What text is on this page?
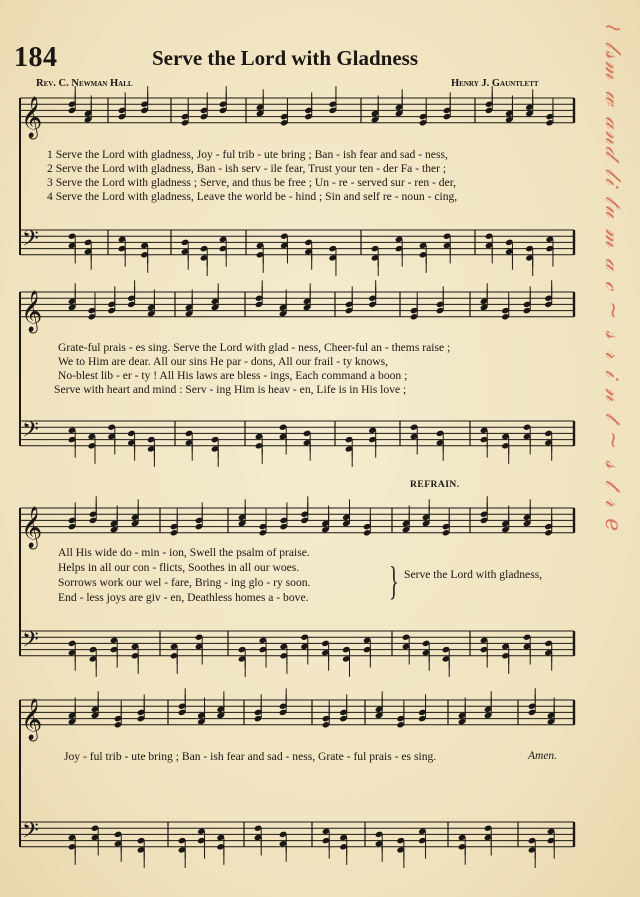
184	Serve the Lord with Gladness
Rev. C. Newman Hall	Henry J. Gauntlett
𝄞
𝄢
𝄞
𝄢
𝄞
𝄢
𝄞
𝄢
1 Serve the Lord with gladness, Joy - ful trib - ute bring ; Ban - ish fear and sad - ness,
2 Serve the Lord with gladness, Ban - ish serv - ile fear, Trust your ten - der Fa - ther ;
3 Serve the Lord with gladness ; Serve, and thus be free ; Un - re - served sur - ren - der,
4 Serve the Lord with gladness, Leave the world be - hind ; Sin and self re - noun - cing,
Grate-ful prais - es sing. Serve the Lord with glad - ness, Cheer-ful an - thems raise ;
We to Him are dear. All our sins He par - dons, All our frail - ty knows,
No-blest lib - er - ty ! All His laws are bless - ings, Each command a boon ;
Serve with heart and mind : Serv - ing Him is heav - en, Life is in His love ;
REFRAIN.
All His wide do - min - ion, Swell the psalm of praise.
Helps in all our con - flicts, Soothes in all our woes.
Sorrows work our wel - fare, Bring - ing glo - ry soon.
End - less joys are giv - en, Deathless homes a - bove. } Serve the Lord with gladness,
Joy - ful trib - ute bring ; Ban - ish fear and sad - ness, Grate - ful prais - es sing.	Amen.
≀ 𝓁𝓈𝓂 𝓌 𝒶𝓃𝒹 𝓁𝒾 𝓉𝓊 𝓂 𝒶 𝒸 ~ 𝓈 𝓇 𝒾 𝓃 𝓉 ~ 𝓈 𝓉 𝓇 𝑒
